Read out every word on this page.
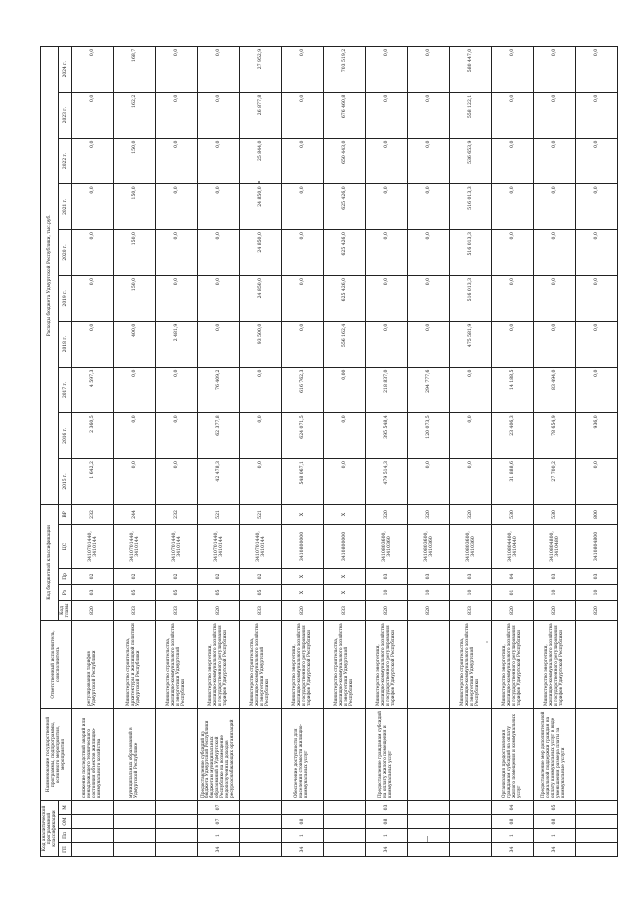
Код аналитической программной классификации				Наименование государственной программы, подпрограммы, основного мероприятия, мероприятия	Ответственный исполнитель, соисполнитель	Код бюджетной классификации					Расходы бюджета Удмуртской Республики, тыс.руб.									
ГП	Пп	ОМ	М			Код главы	Рз	Пр	ЦС	ВР	2015 г.	2016 г.	2017 г.	2018 г.	2019 г.	2020 г.	2021 г.	2022 г.	2023 г.	2024 г.
				снижение последствий аварий или ненадлежащего технического состояния объектов жилищно-коммунального хозяйства	регулирования тарифов Удмуртской Республики	820	03	02	3410701440, 3410144	232	1 642,2	2 360,5	4 597,3	0,0	0,0	0,0	0,0	0,0	0,0	0,0
				муниципальных образований в Удмуртской Республике	Министерство строительства, архитектуры и жилищной политики Удмуртской Республики	833	05	02	3410701440, 3410144	244	0,0	0,0	0,0	400,0	150,0	150,0	150,0	150,0	162,2	168,7
					Министерство строительства, жилищно-коммунального хозяйства и энергетики Удмуртской Республики	833	05	02	3410701440, 3410144	232	0,0	0,0	0,0	2 481,9	0,0	0,0	0,0	0,0	0,0	0,0
34	1	07	07	Предоставление субсидий из бюджета Удмуртской Республики бюджетам муниципальных образований в Удмуртской Республике на возмещение недополученных доходов ресурсоснабжающих организаций	Министерство энергетики, жилищно-коммунального хозяйства и государственного регулирования тарифов Удмуртской Республики	820	05	02	3410701440, 3410144	521	42 478,3	62 377,8	76 409,2	0,0	0,0	0,0	0,0	0,0	0,0	0,0
					Министерство строительства, жилищно-коммунального хозяйства и энергетики Удмуртской Республики	833	05	02	3410701440, 3410144	521	0,0	0,0	0,0	93 500,0	24 850,0	24 850,0	24 850,0	25 844,0	26 877,8	27 952,9
34	1	08		Обеспечение доступности для населения стоимости жилищно-коммунальных услуг	Министерство энергетики, жилищно-коммунального хозяйства и государственного регулирования тарифов Удмуртской Республики	820	X	X	3410800000	X	548 067,1	624 071,5	616 762,3	0,0	0,0	0,0	0,0	0,0	0,0	0,0
					Министерство строительства, жилищно-коммунального хозяйства и энергетики Удмуртской Республики	833	X	X	3410800000	X	0,0	0,0	0,00	556 162,4	625 426,0	625 426,0	625 426,0	650 443,0	676 460,8	703 519,2
34	1	08	03	Предоставление гражданам субсидий на оплату жилого помещения и коммунальных услуг	Министерство энергетики, жилищно-коммунального хозяйства и государственного регулирования тарифов Удмуртской Республики	820	10	03	3410803600, 3410360	320	479 514,3	395 548,4	218 837,0	0,0	0,0	0,0	0,0	0,0	0,0	0,0
						820	10	03	3410803600, 3410360	320	0,0	120 073,5	294 777,6	0,0	0,0	0,0	0,0	0,0	0,0	0,0
					Министерство строительства, жилищно-коммунального хозяйства и энергетики Удмуртской Республики	833	10	03	3410803600, 3410360	320	0,0	0,0	0,0	475 581,9	516 013,3	516 013,3	516 013,3	536 653,9	558 122,1	580 447,0
34	1	08	04	Организация предоставления гражданам субсидий на оплату жилого помещения и коммунальных услуг	Министерство энергетики, жилищно-коммунального хозяйства и государственного регулирования тарифов Удмуртской Республики	820	01	04	3410804400, 3410440	530	31 888,6	23 406,3	14 188,5	0,0	0,0	0,0	0,0	0,0	0,0	0,0
34	1	08	05	Предоставление мер дополнительной социальной поддержки граждан на оплату коммунальных услуг в виде уменьшения размера платы за коммунальные услуги	Министерство энергетики, жилищно-коммунального хозяйства и государственного регулирования тарифов Удмуртской Республики	820	10	03	3410804800, 3410480	530	27 700,2	78 654,9	83 494,0	0,0	0,0	0,0	0,0	0,0	0,0	0,0
						820	10	03	3410804800	800	0,0	936,0	0,0	0,0	0,0	0,0	0,0	0,0	0,0	0,0
